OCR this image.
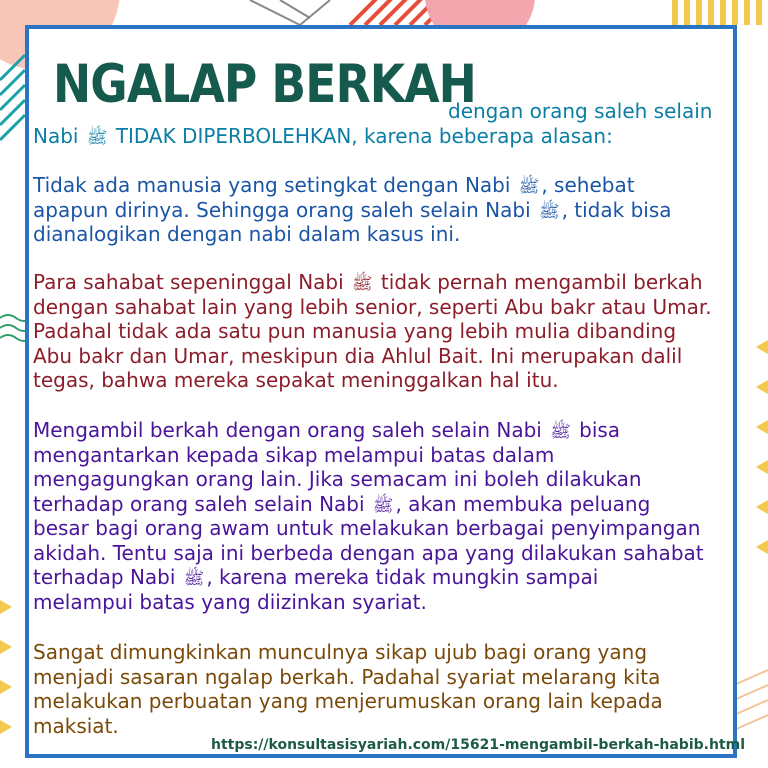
NGALAP BERKAH
dengan orang saleh selain
Nabi ﷺ TIDAK DIPERBOLEHKAN, karena beberapa alasan:
Tidak ada manusia yang setingkat dengan Nabi ﷺ , sehebat
apapun dirinya. Sehingga orang saleh selain Nabi ﷺ , tidak bisa
dianalogikan dengan nabi dalam kasus ini.
Para sahabat sepeninggal Nabi ﷺ tidak pernah mengambil berkah
dengan sahabat lain yang lebih senior, seperti Abu bakr atau Umar.
Padahal tidak ada satu pun manusia yang lebih mulia dibanding
Abu bakr dan Umar, meskipun dia Ahlul Bait. Ini merupakan dalil
tegas, bahwa mereka sepakat meninggalkan hal itu.
Mengambil berkah dengan orang saleh selain Nabi ﷺ bisa
mengantarkan kepada sikap melampui batas dalam
mengagungkan orang lain. Jika semacam ini boleh dilakukan
terhadap orang saleh selain Nabi ﷺ , akan membuka peluang
besar bagi orang awam untuk melakukan berbagai penyimpangan
akidah. Tentu saja ini berbeda dengan apa yang dilakukan sahabat
terhadap Nabi ﷺ , karena mereka tidak mungkin sampai
melampui batas yang diizinkan syariat.
Sangat dimungkinkan munculnya sikap ujub bagi orang yang
menjadi sasaran ngalap berkah. Padahal syariat melarang kita
melakukan perbuatan yang menjerumuskan orang lain kepada
maksiat.
https://konsultasisyariah.com/15621-mengambil-berkah-habib.html
